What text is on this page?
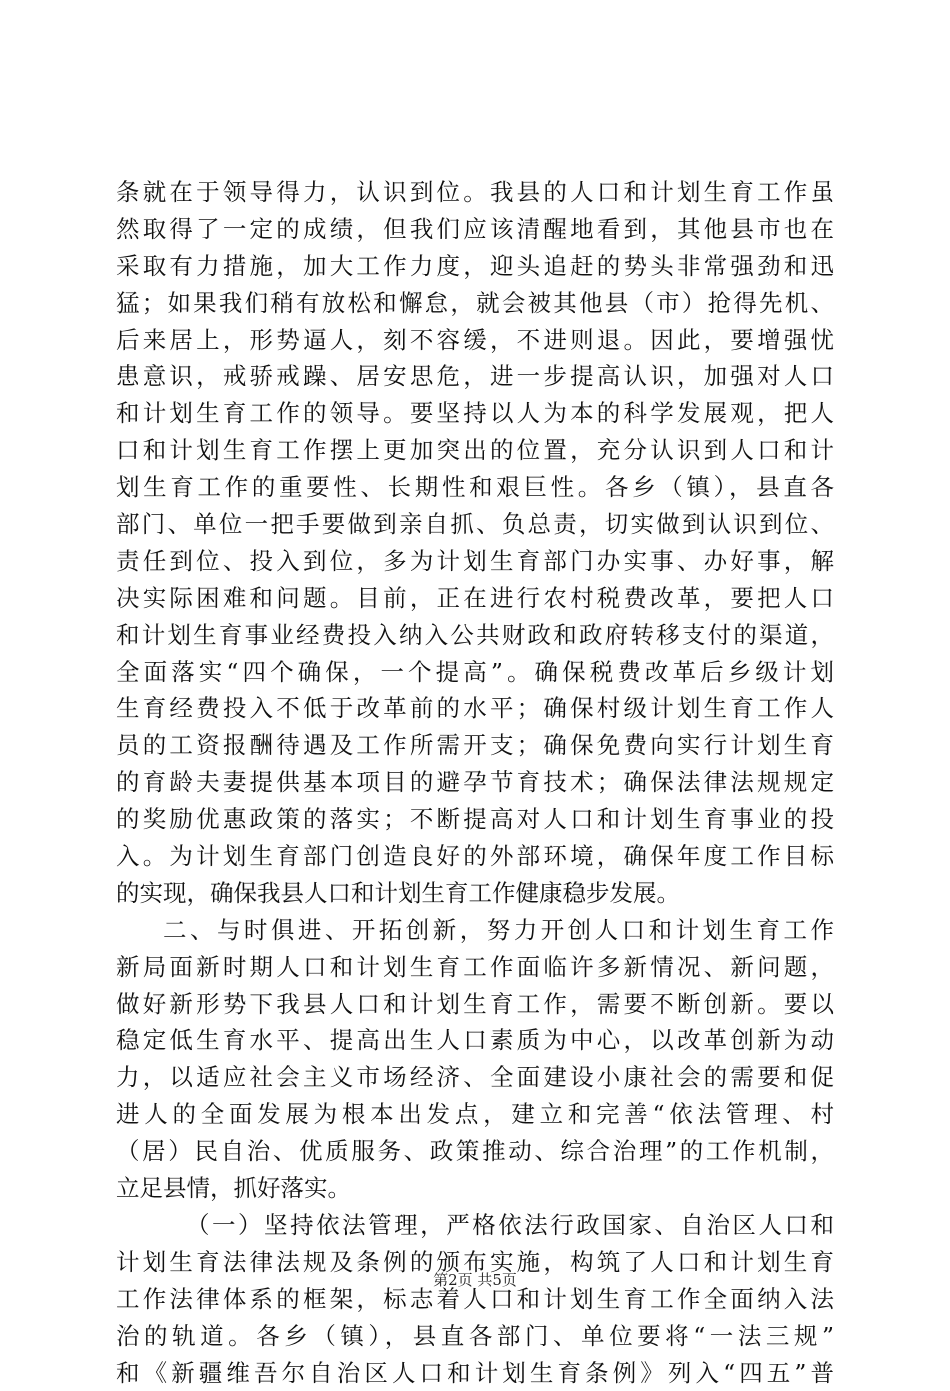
条就在于领导得力，认识到位。我县的人口和计划生育工作虽
然取得了一定的成绩，但我们应该清醒地看到，其他县市也在
采取有力措施，加大工作力度，迎头追赶的势头非常强劲和迅
猛；如果我们稍有放松和懈怠，就会被其他县（市）抢得先机、
后来居上，形势逼人，刻不容缓，不进则退。因此，要增强忧
患意识，戒骄戒躁、居安思危，进一步提高认识，加强对人口
和计划生育工作的领导。要坚持以人为本的科学发展观，把人
口和计划生育工作摆上更加突出的位置，充分认识到人口和计
划生育工作的重要性、长期性和艰巨性。各乡（镇），县直各
部门、单位一把手要做到亲自抓、负总责，切实做到认识到位、
责任到位、投入到位，多为计划生育部门办实事、办好事，解
决实际困难和问题。目前，正在进行农村税费改革，要把人口
和计划生育事业经费投入纳入公共财政和政府转移支付的渠道，
全面落实“四个确保，一个提高”。确保税费改革后乡级计划
生育经费投入不低于改革前的水平；确保村级计划生育工作人
员的工资报酬待遇及工作所需开支；确保免费向实行计划生育
的育龄夫妻提供基本项目的避孕节育技术；确保法律法规规定
的奖励优惠政策的落实；不断提高对人口和计划生育事业的投
入。为计划生育部门创造良好的外部环境，确保年度工作目标
的实现，确保我县人口和计划生育工作健康稳步发展。
二、与时俱进、开拓创新，努力开创人口和计划生育工作
新局面新时期人口和计划生育工作面临许多新情况、新问题，
做好新形势下我县人口和计划生育工作，需要不断创新。要以
稳定低生育水平、提高出生人口素质为中心，以改革创新为动
力，以适应社会主义市场经济、全面建设小康社会的需要和促
进人的全面发展为根本出发点，建立和完善“依法管理、村
（居）民自治、优质服务、政策推动、综合治理”的工作机制，
立足县情，抓好落实。
（一）坚持依法管理，严格依法行政国家、自治区人口和
计划生育法律法规及条例的颁布实施，构筑了人口和计划生育
工作法律体系的框架，标志着人口和计划生育工作全面纳入法
治的轨道。各乡（镇），县直各部门、单位要将“一法三规”
和《新疆维吾尔自治区人口和计划生育条例》列入“四五”普
第2页 共5页
